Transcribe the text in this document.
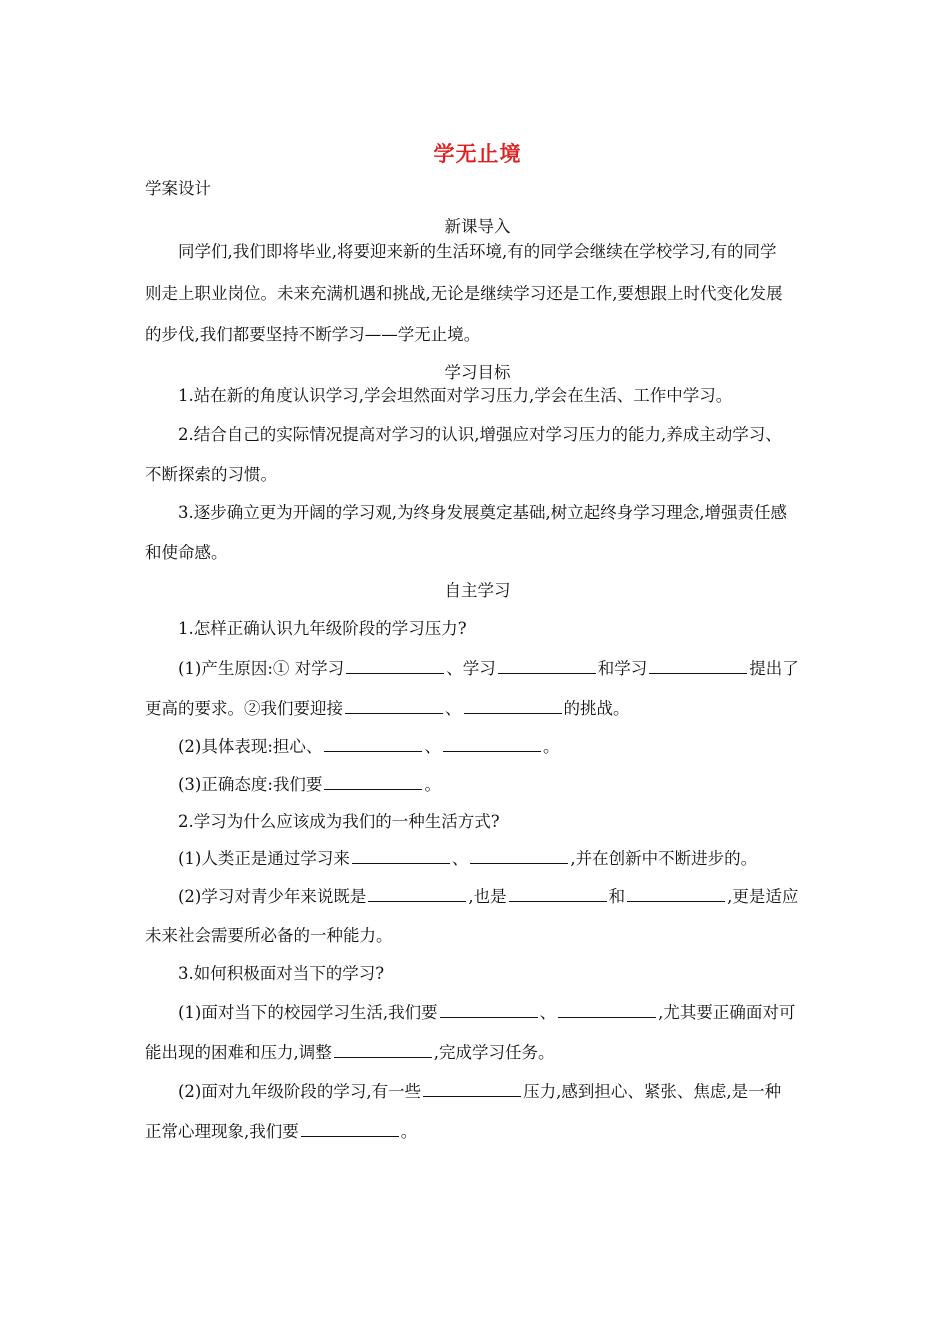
学无止境
学案设计
新课导入
同学们,我们即将毕业,将要迎来新的生活环境,有的同学会继续在学校学习,有的同学
则走上职业岗位。未来充满机遇和挑战,无论是继续学习还是工作,要想跟上时代变化发展
的步伐,我们都要坚持不断学习——学无止境。
学习目标
1.站在新的角度认识学习,学会坦然面对学习压力,学会在生活、工作中学习。
2.结合自己的实际情况提高对学习的认识,增强应对学习压力的能力,养成主动学习、
不断探索的习惯。
3.逐步确立更为开阔的学习观,为终身发展奠定基础,树立起终身学习理念,增强责任感
和使命感。
自主学习
1.怎样正确认识九年级阶段的学习压力?
(1)产生原因:① 对学习	、学习	和学习	提出了
更高的要求。②我们要迎接	、	的挑战。
(2)具体表现:担心、	、	。
(3)正确态度:我们要	。
2.学习为什么应该成为我们的一种生活方式?
(1)人类正是通过学习来	、	,并在创新中不断进步的。
(2)学习对青少年来说既是	,也是	和	,更是适应
未来社会需要所必备的一种能力。
3.如何积极面对当下的学习?
(1)面对当下的校园学习生活,我们要	、	,尤其要正确面对可
能出现的困难和压力,调整	,完成学习任务。
(2)面对九年级阶段的学习,有一些	压力,感到担心、紧张、焦虑,是一种
正常心理现象,我们要	。
